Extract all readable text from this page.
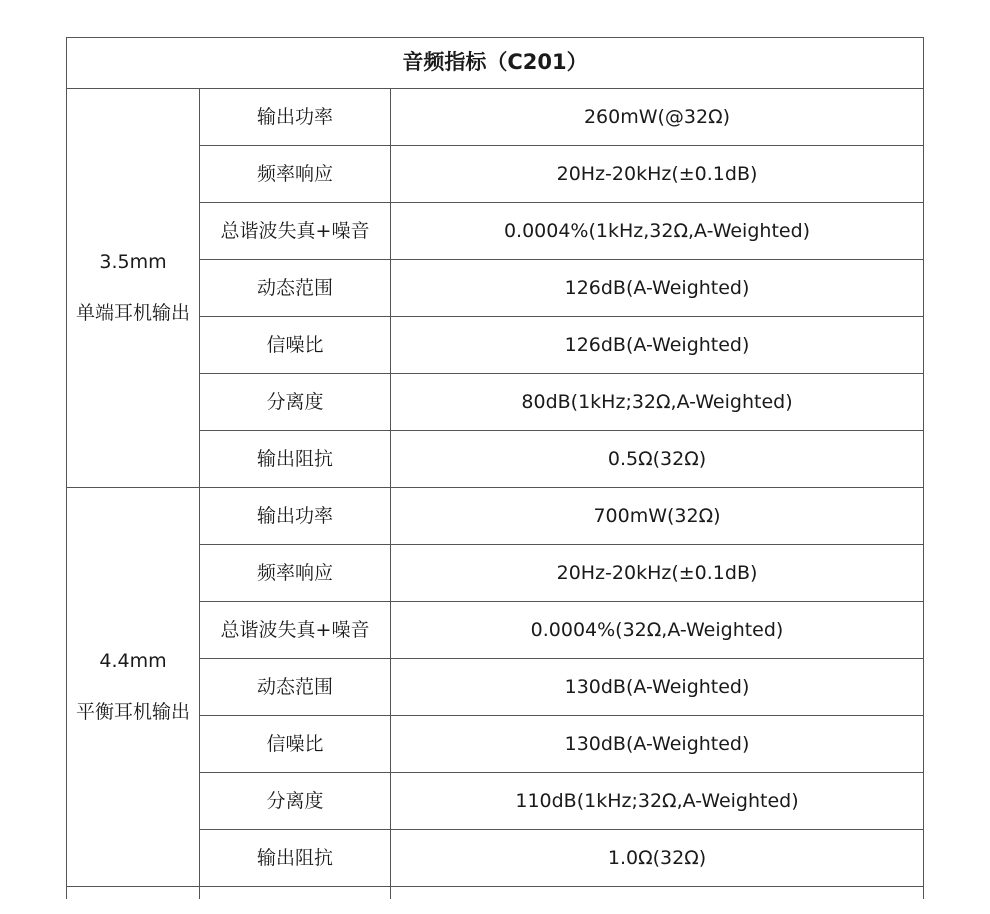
音频指标（C201）		

3.5mm
单端耳机输出	输出功率	260mW(@32Ω)
	频率响应	20Hz-20kHz(±0.1dB)
	总谐波失真+噪音	0.0004%(1kHz,32Ω,A-Weighted)
	动态范围	126dB(A-Weighted)
	信噪比	126dB(A-Weighted)
	分离度	80dB(1kHz;32Ω,A-Weighted)
	输出阻抗	0.5Ω(32Ω)

4.4mm
平衡耳机输出	输出功率	700mW(32Ω)
	频率响应	20Hz-20kHz(±0.1dB)
	总谐波失真+噪音	0.0004%(32Ω,A-Weighted)
	动态范围	130dB(A-Weighted)
	信噪比	130dB(A-Weighted)
	分离度	110dB(1kHz;32Ω,A-Weighted)
	输出阻抗	1.0Ω(32Ω)
